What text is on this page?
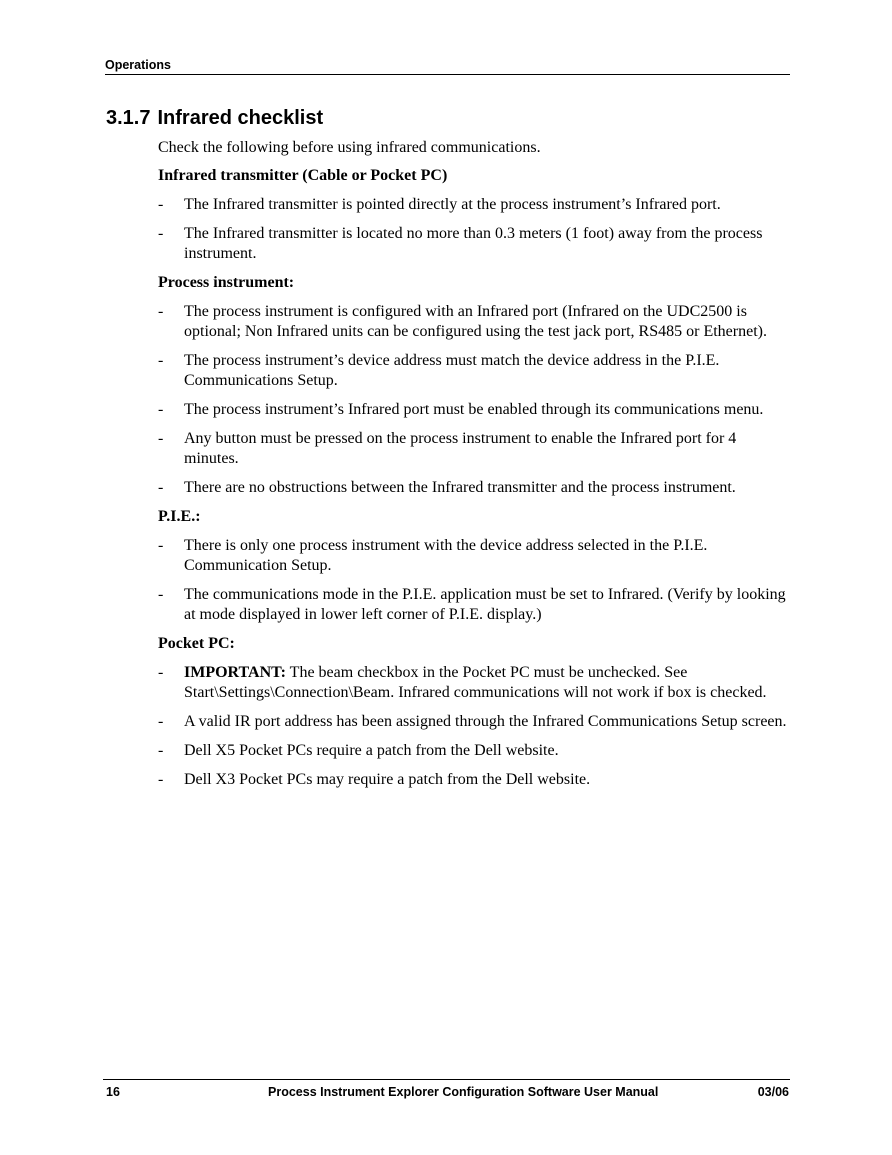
Operations
3.1.7 Infrared checklist

Check the following before using infrared communications.

Infrared transmitter (Cable or Pocket PC)

- The Infrared transmitter is pointed directly at the process instrument’s Infrared port.
- The Infrared transmitter is located no more than 0.3 meters (1 foot) away from the process instrument.

Process instrument:

- The process instrument is configured with an Infrared port (Infrared on the UDC2500 is optional; Non Infrared units can be configured using the test jack port, RS485 or Ethernet).
- The process instrument’s device address must match the device address in the P.I.E. Communications Setup.
- The process instrument’s Infrared port must be enabled through its communications menu.
- Any button must be pressed on the process instrument to enable the Infrared port for 4 minutes.
- There are no obstructions between the Infrared transmitter and the process instrument.

P.I.E.:

- There is only one process instrument with the device address selected in the P.I.E. Communication Setup.
- The communications mode in the P.I.E. application must be set to Infrared. (Verify by looking at mode displayed in lower left corner of P.I.E. display.)

Pocket PC:

- IMPORTANT: The beam checkbox in the Pocket PC must be unchecked. See Start\Settings\Connection\Beam. Infrared communications will not work if box is checked.
- A valid IR port address has been assigned through the Infrared Communications Setup screen.
- Dell X5 Pocket PCs require a patch from the Dell website.
- Dell X3 Pocket PCs may require a patch from the Dell website.
16	Process Instrument Explorer Configuration Software User Manual	03/06
